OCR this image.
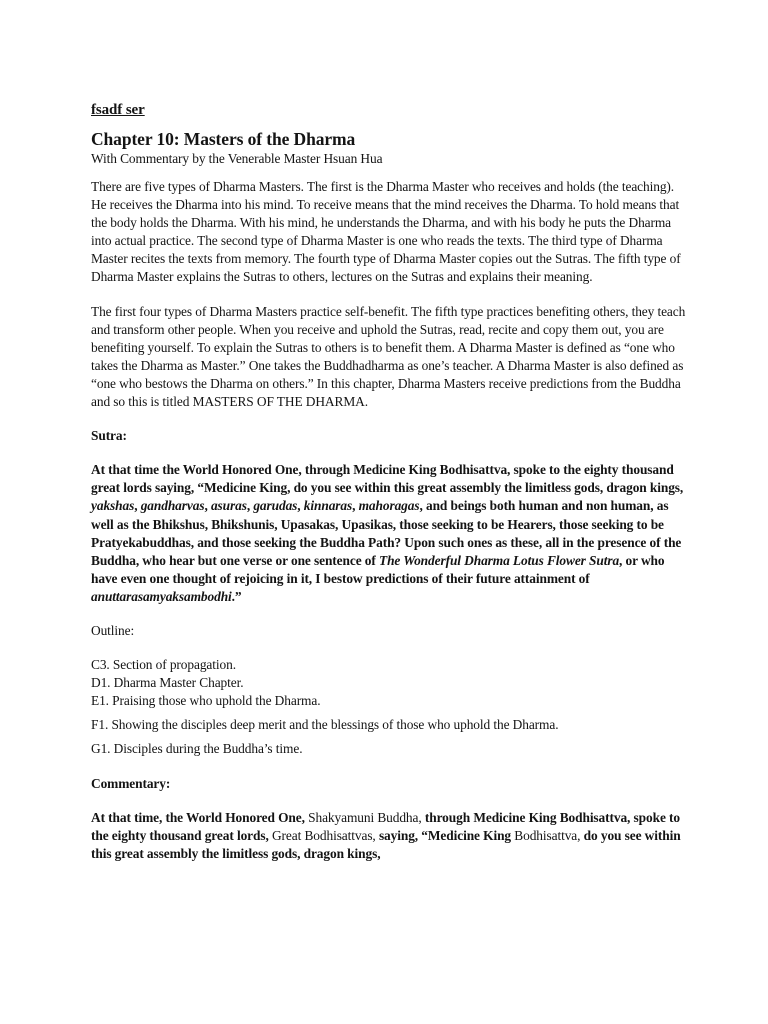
fsadf ser
Chapter 10: Masters of the Dharma
With Commentary by the Venerable Master Hsuan Hua

There are five types of Dharma Masters. The first is the Dharma Master who receives and holds (the teaching). He receives the Dharma into his mind. To receive means that the mind receives the Dharma. To hold means that the body holds the Dharma. With his mind, he understands the Dharma, and with his body he puts the Dharma into actual practice. The second type of Dharma Master is one who reads the texts. The third type of Dharma Master recites the texts from memory. The fourth type of Dharma Master copies out the Sutras. The fifth type of Dharma Master explains the Sutras to others, lectures on the Sutras and explains their meaning.

The first four types of Dharma Masters practice self-benefit. The fifth type practices benefiting others, they teach and transform other people. When you receive and uphold the Sutras, read, recite and copy them out, you are benefiting yourself. To explain the Sutras to others is to benefit them. A Dharma Master is defined as “one who takes the Dharma as Master.” One takes the Buddhadharma as one’s teacher. A Dharma Master is also defined as “one who bestows the Dharma on others.” In this chapter, Dharma Masters receive predictions from the Buddha and so this is titled MASTERS OF THE DHARMA.

Sutra:

At that time the World Honored One, through Medicine King Bodhisattva, spoke to the eighty thousand great lords saying, “Medicine King, do you see within this great assembly the limitless gods, dragon kings, yakshas, gandharvas, asuras, garudas, kinnaras, mahoragas, and beings both human and non human, as well as the Bhikshus, Bhikshunis, Upasakas, Upasikas, those seeking to be Hearers, those seeking to be Pratyekabuddhas, and those seeking the Buddha Path? Upon such ones as these, all in the presence of the Buddha, who hear but one verse or one sentence of The Wonderful Dharma Lotus Flower Sutra, or who have even one thought of rejoicing in it, I bestow predictions of their future attainment of anuttarasamyaksambodhi.”

Outline:

C3. Section of propagation.

D1. Dharma Master Chapter.

E1. Praising those who uphold the Dharma.

F1. Showing the disciples deep merit and the blessings of those who uphold the Dharma.

G1. Disciples during the Buddha’s time.

Commentary:

At that time, the World Honored One, Shakyamuni Buddha, through Medicine King Bodhisattva, spoke to the eighty thousand great lords, Great Bodhisattvas, saying, “Medicine King Bodhisattva, do you see within this great assembly the limitless gods, dragon kings,
